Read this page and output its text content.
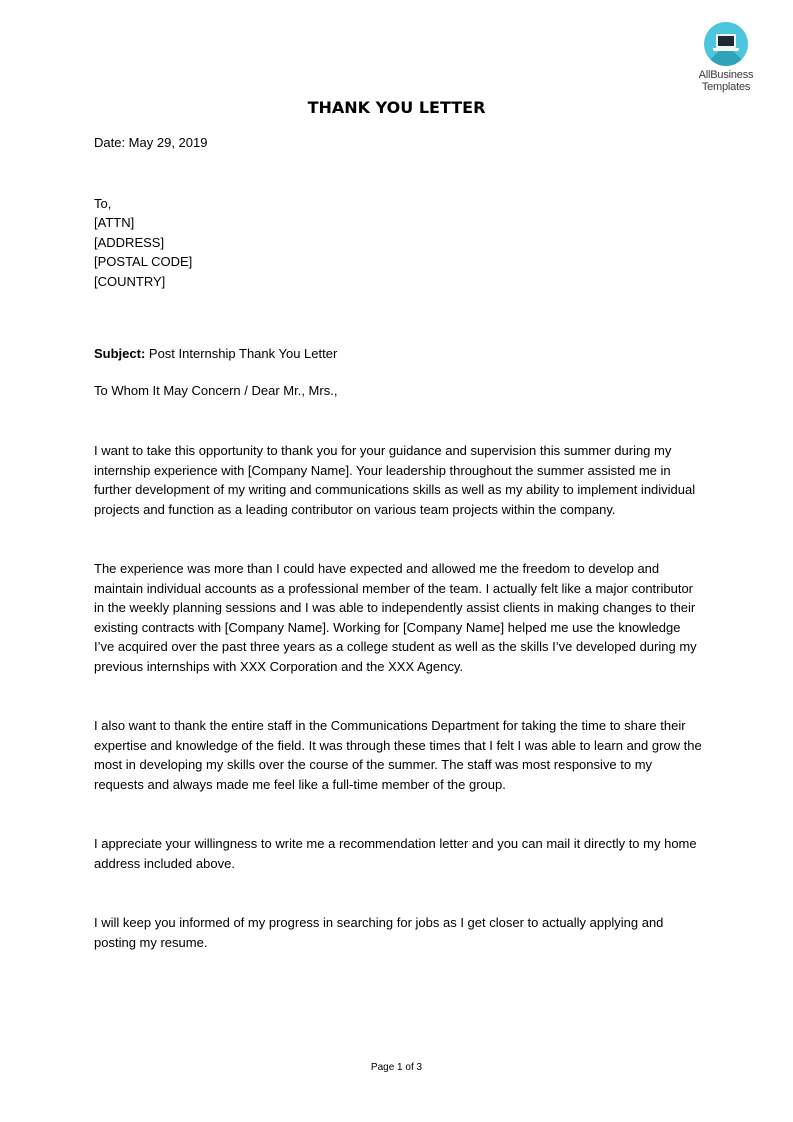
AllBusiness
Templates
THANK YOU LETTER

Date: May 29, 2019

To,
[ATTN]
[ADDRESS]
[POSTAL CODE]
[COUNTRY]

Subject: Post Internship Thank You Letter

To Whom It May Concern / Dear Mr., Mrs.,

I want to take this opportunity to thank you for your guidance and supervision this summer during my internship experience with [Company Name]. Your leadership throughout the summer assisted me in further development of my writing and communications skills as well as my ability to implement individual projects and function as a leading contributor on various team projects within the company.

The experience was more than I could have expected and allowed me the freedom to develop and maintain individual accounts as a professional member of the team. I actually felt like a major contributor in the weekly planning sessions and I was able to independently assist clients in making changes to their existing contracts with [Company Name]. Working for [Company Name] helped me use the knowledge I’ve acquired over the past three years as a college student as well as the skills I’ve developed during my previous internships with XXX Corporation and the XXX Agency.

I also want to thank the entire staff in the Communications Department for taking the time to share their expertise and knowledge of the field. It was through these times that I felt I was able to learn and grow the most in developing my skills over the course of the summer. The staff was most responsive to my requests and always made me feel like a full-time member of the group.

I appreciate your willingness to write me a recommendation letter and you can mail it directly to my home address included above.

I will keep you informed of my progress in searching for jobs as I get closer to actually applying and posting my resume.

Page 1 of 3
